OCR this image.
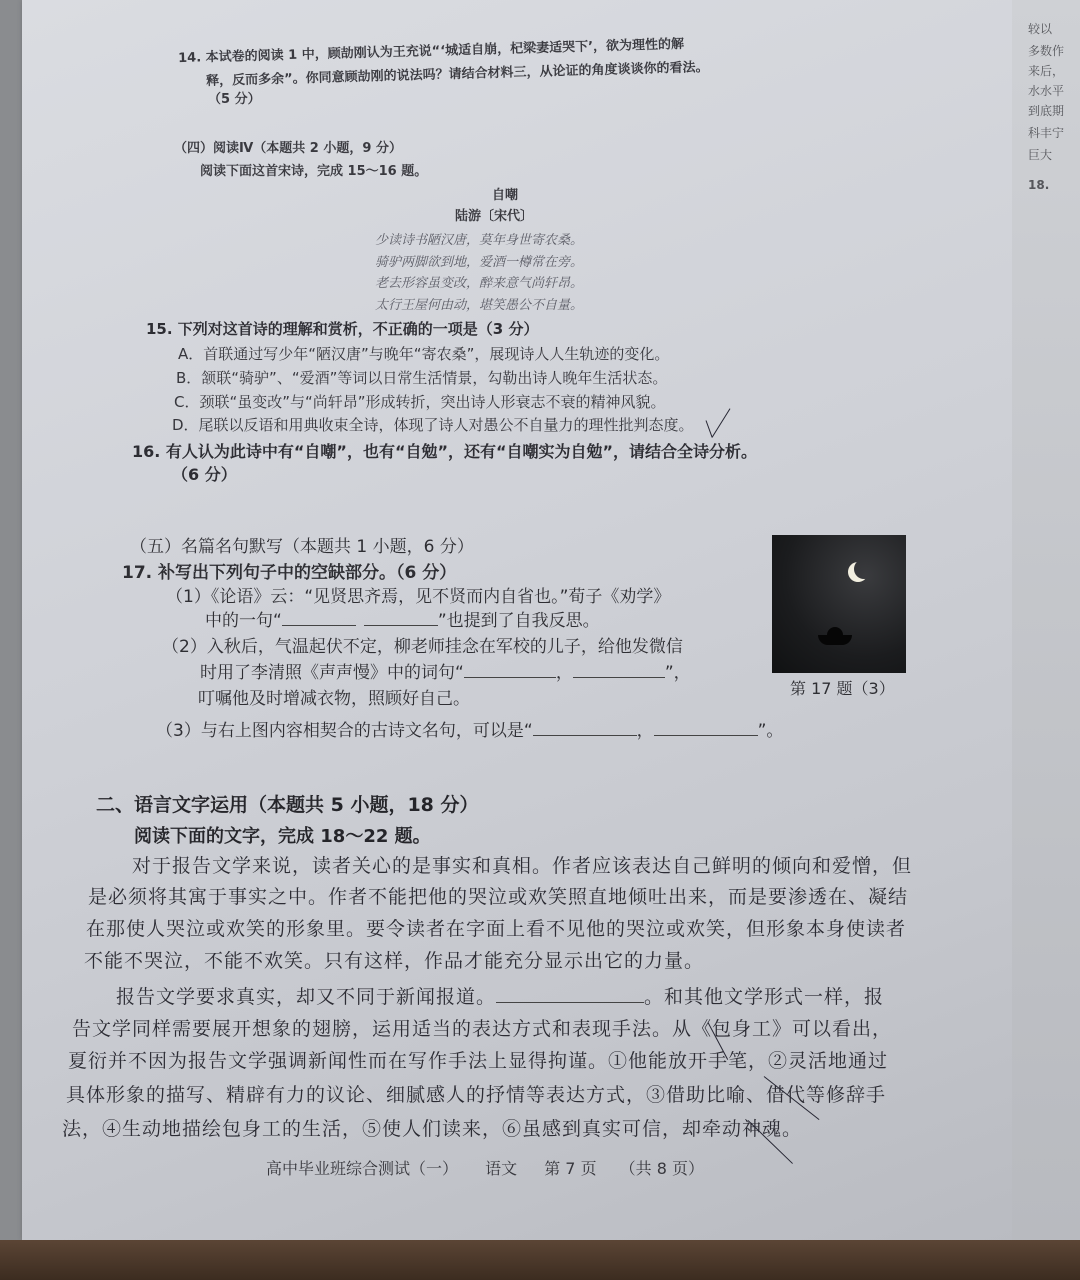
较以
多数作
来后，
水水平
到底期
科丰宁
巨大
18.
14. 本试卷的阅读 1 中，顾劼刚认为王充说“‘城适自崩，杞梁妻适哭下’，欲为理性的解
释，反而多余”。你同意顾劼刚的说法吗？请结合材料三，从论证的角度谈谈你的看法。
（5 分）
（四）阅读Ⅳ（本题共 2 小题，9 分）
阅读下面这首宋诗，完成 15～16 题。
自嘲
陆游〔宋代〕
少读诗书陋汉唐，莫年身世寄农桑。
骑驴两脚欲到地，爱酒一樽常在旁。
老去形容虽变改，醉来意气尚轩昂。
太行王屋何由动，堪笑愚公不自量。
15. 下列对这首诗的理解和赏析，不正确的一项是（3 分）
A．首联通过写少年“陋汉唐”与晚年“寄农桑”，展现诗人人生轨迹的变化。
B．颔联“骑驴”、“爱酒”等词以日常生活情景，勾勒出诗人晚年生活状态。
C．颈联“虽变改”与“尚轩昂”形成转折，突出诗人形衰志不衰的精神风貌。
D．尾联以反语和用典收束全诗，体现了诗人对愚公不自量力的理性批判态度。
16. 有人认为此诗中有“自嘲”，也有“自勉”，还有“自嘲实为自勉”，请结合全诗分析。
（6 分）
（五）名篇名句默写（本题共 1 小题，6 分）
17. 补写出下列句子中的空缺部分。（6 分）
（1）《论语》云：“见贤思齐焉，见不贤而内自省也。”荀子《劝学》
中的一句“	”也提到了自我反思。
（2）入秋后，气温起伏不定，柳老师挂念在军校的儿子，给他发微信
时用了李清照《声声慢》中的词句“	，	”，
叮嘱他及时增减衣物，照顾好自己。
（3）与右上图内容相契合的古诗文名句，可以是“	，	”。
第 17 题（3）
二、语言文字运用（本题共 5 小题，18 分）
阅读下面的文字，完成 18～22 题。
对于报告文学来说，读者关心的是事实和真相。作者应该表达自己鲜明的倾向和爱憎，但
是必须将其寓于事实之中。作者不能把他的哭泣或欢笑照直地倾吐出来，而是要渗透在、凝结
在那使人哭泣或欢笑的形象里。要令读者在字面上看不见他的哭泣或欢笑，但形象本身使读者
不能不哭泣，不能不欢笑。只有这样，作品才能充分显示出它的力量。
报告文学要求真实，却又不同于新闻报道。	。和其他文学形式一样，报
告文学同样需要展开想象的翅膀，运用适当的表达方式和表现手法。从《包身工》可以看出，
夏衍并不因为报告文学强调新闻性而在写作手法上显得拘谨。①他能放开手笔，②灵活地通过
具体形象的描写、精辟有力的议论、细腻感人的抒情等表达方式，③借助比喻、借代等修辞手
法，④生动地描绘包身工的生活，⑤使人们读来，⑥虽感到真实可信，却牵动神魂。
高中毕业班综合测试（一） 语文 第 7 页 （共 8 页）
